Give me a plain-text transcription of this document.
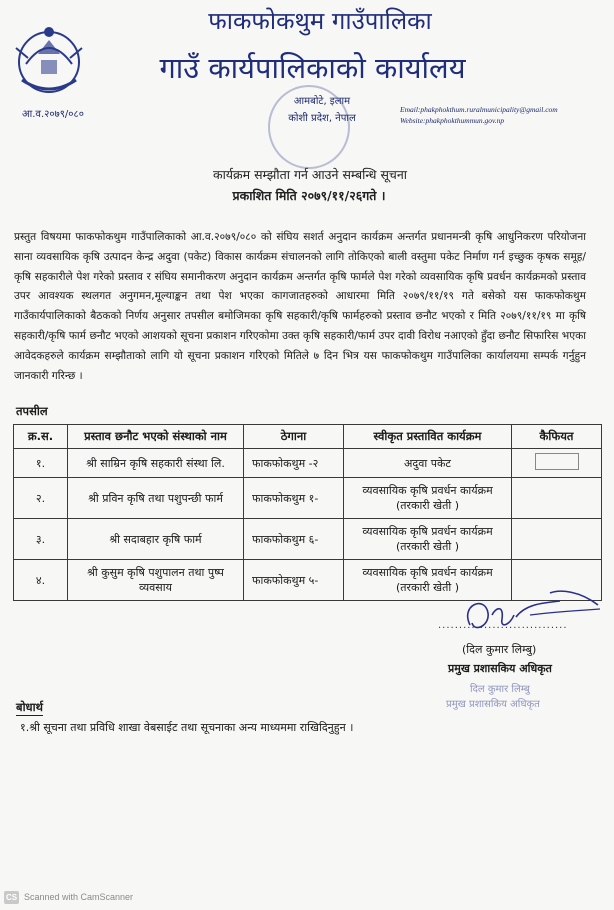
आ.व.२०७९/०८०
फाकफोकथुम गाउँपालिका
गाउँ कार्यपालिकाको कार्यालय
आमबोटे, इलाम
कोशी प्रदेश, नेपाल
Email:phakphokthum.ruralmunicipality@gmail.com
Website:phakphokthummun.gov.np
कार्यक्रम सम्झौता गर्न आउने सम्बन्धि सूचना
प्रकाशित मिति २०७९/११/२६गते ।

प्रस्तुत विषयमा फाकफोकथुम गाउँपालिकाको आ.व.२०७९/०८० को संघिय सशर्त अनुदान कार्यक्रम अन्तर्गत प्रधानमन्त्री कृषि आधुनिकरण परियोजना साना व्यवसायिक कृषि उत्पादन केन्द्र अदुवा (पकेट) विकास कार्यक्रम संचालनको लागि तोकिएको बाली वस्तुमा पकेट निर्माण गर्न इच्छुक कृषक समूह/कृषि सहकारीले पेश गरेको प्रस्ताव र संघिय समानीकरण अनुदान कार्यक्रम अन्तर्गत कृषि फार्मले पेश गरेको व्यवसायिक कृषि प्रवर्धन कार्यक्रमको प्रस्ताव उपर आवश्यक स्थलगत अनुगमन,मूल्याङ्कन तथा पेश भएका कागजातहरुको आधारमा मिति २०७९/११/१९ गते बसेको यस फाकफोकथुम गाउँकार्यपालिकाको बैठकको निर्णय अनुसार तपसील बमोजिमका कृषि सहकारी/कृषि फार्महरुको प्रस्ताव छनौट भएको र मिति २०७९/११/१९ मा कृषि सहकारी/कृषि फार्म छनौट भएको आशयको सूचना प्रकाशन गरिएकोमा उक्त कृषि सहकारी/फार्म उपर दावी विरोध नआएको हुँदा छनौट सिफारिस भएका आवेदकहरुले कार्यक्रम सम्झौताको लागि यो सूचना प्रकाशन गरिएको मितिले ७ दिन भित्र यस फाकफोकथुम गाउँपालिका कार्यालयमा सम्पर्क गर्नुहुन जानकारी गरिन्छ ।

तपसील
क्र.स.	प्रस्ताव छनौट भएको संस्थाको नाम	ठेगाना	स्वीकृत प्रस्तावित कार्यक्रम	कैफियत
१.	श्री साम्रिन कृषि सहकारी संस्था लि.	फाकफोकथुम -२	अदुवा पकेट	
२.	श्री प्रविन कृषि तथा पशुपन्छी फार्म	फाकफोकथुम १-	व्यवसायिक कृषि प्रवर्धन कार्यक्रम (तरकारी खेती )	
३.	श्री सदाबहार कृषि फार्म	फाकफोकथुम ६-	व्यवसायिक कृषि प्रवर्धन कार्यक्रम (तरकारी खेती )	
४.	श्री कुसुम कृषि पशुपालन तथा पुष्प व्यवसाय	फाकफोकथुम ५-	व्यवसायिक कृषि प्रवर्धन कार्यक्रम (तरकारी खेती )	
...............................
(दिल कुमार लिम्बु)
प्रमुख प्रशासकिय अधिकृत
दिल कुमार लिम्बु
प्रमुख प्रशासकिय अधिकृत
बोधार्थ
१.श्री सूचना तथा प्रविधि शाखा वेबसाईट तथा सूचनाका अन्य माध्यममा राखिदिनुहुन ।
CS Scanned with CamScanner
